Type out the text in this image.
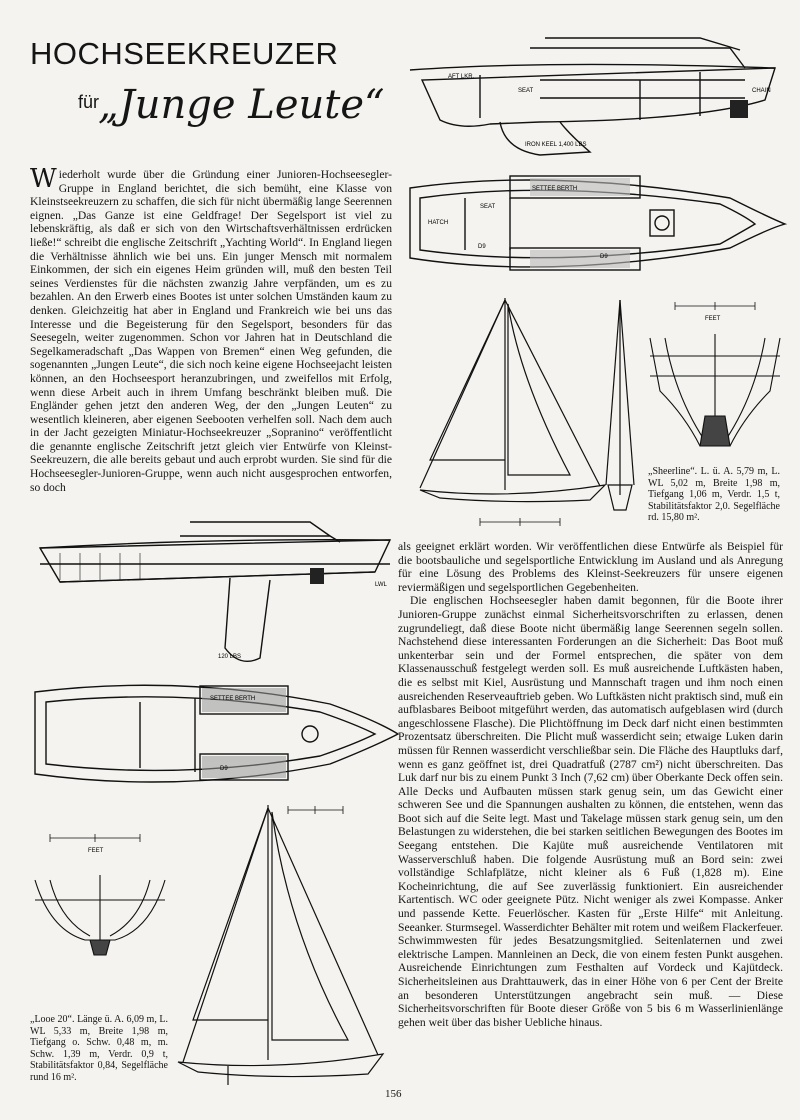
HOCHSEEKREUZER
für
„Junge Leute“
AFT LKR.
SEAT	CHAIN
IRON KEEL 1,400 LBS
SETTEE BERTH
SEAT
HATCH
D9
D9
FEET

„Sheerline“. L. ü. A. 5,79 m, L. WL 5,02 m, Breite 1,98 m, Tiefgang 1,06 m, Verdr. 1,5 t, Stabilitätsfaktor 2,0. Segelfläche rd. 15,80 m².

Wiederholt wurde über die Gründung einer Junioren-Hochseesegler-Gruppe in England berichtet, die sich bemüht, eine Klasse von Kleinstseekreuzern zu schaffen, die sich für nicht übermäßig lange Seerennen eignen. „Das Ganze ist eine Geldfrage! Der Segelsport ist viel zu lebenskräftig, als daß er sich von den Wirtschaftsverhältnissen erdrücken ließe!“ schreibt die englische Zeitschrift „Yachting World“. In England liegen die Verhältnisse ähnlich wie bei uns. Ein junger Mensch mit normalem Einkommen, der sich ein eigenes Heim gründen will, muß den besten Teil seines Verdienstes für die nächsten zwanzig Jahre verpfänden, um es zu bezahlen. An den Erwerb eines Bootes ist unter solchen Umständen kaum zu denken. Gleichzeitig hat aber in England und Frankreich wie bei uns das Interesse und die Begeisterung für den Segelsport, besonders für das Seesegeln, weiter zugenommen. Schon vor Jahren hat in Deutschland die Segelkameradschaft „Das Wappen von Bremen“ einen Weg gefunden, die sogenannten „Jungen Leute“, die sich noch keine eigene Hochseejacht leisten können, an den Hochseesport heranzubringen, und zweifellos mit Erfolg, wenn diese Arbeit auch in ihrem Umfang beschränkt bleiben muß. Die Engländer gehen jetzt den anderen Weg, der den „Jungen Leuten“ zu wesentlich kleineren, aber eigenen Seebooten verhelfen soll. Nach dem auch in der Jacht gezeigten Miniatur-Hochseekreuzer „Sopranino“ veröffentlicht die genannte englische Zeitschrift jetzt gleich vier Entwürfe von Kleinst-Seekreuzern, die alle bereits gebaut und auch erprobt wurden. Sie sind für die Hochseesegler-Junioren-Gruppe, wenn auch nicht ausgesprochen entworfen, so doch
LWL
120 LBS
SETTEE BERTH
D9
FEET

„Looe 20“. Länge ü. A. 6,09 m, L. WL 5,33 m, Breite 1,98 m, Tiefgang o. Schw. 0,48 m, m. Schw. 1,39 m, Verdr. 0,9 t, Stabilitätsfaktor 0,84, Segelfläche rund 16 m².

als geeignet erklärt worden. Wir veröffentlichen diese Entwürfe als Beispiel für die bootsbauliche und segelsportliche Entwicklung im Ausland und als Anregung für eine Lösung des Problems des Kleinst-Seekreuzers für unsere eigenen reviermäßigen und segelsportlichen Gegebenheiten.

Die englischen Hochseesegler haben damit begonnen, für die Boote ihrer Junioren-Gruppe zunächst einmal Sicherheitsvorschriften zu erlassen, denen zugrundeliegt, daß diese Boote nicht übermäßig lange Seerennen segeln sollen. Nachstehend diese interessanten Forderungen an die Sicherheit: Das Boot muß unkenterbar sein und der Formel entsprechen, die später von dem Klassenausschuß festgelegt werden soll. Es muß ausreichende Luftkästen haben, die es selbst mit Kiel, Ausrüstung und Mannschaft tragen und ihm noch einen ausreichenden Reserveauftrieb geben. Wo Luftkästen nicht praktisch sind, muß ein aufblasbares Beiboot mitgeführt werden, das automatisch aufgeblasen wird (durch angeschlossene Flasche). Die Plichtöffnung im Deck darf nicht einen bestimmten Prozentsatz überschreiten. Die Plicht muß wasserdicht sein; etwaige Luken darin müssen für Rennen wasserdicht verschließbar sein. Die Fläche des Hauptluks darf, wenn es ganz geöffnet ist, drei Quadratfuß (2787 cm²) nicht überschreiten. Das Luk darf nur bis zu einem Punkt 3 Inch (7,62 cm) über Oberkante Deck offen sein. Alle Decks und Aufbauten müssen stark genug sein, um das Gewicht einer schweren See und die Spannungen aushalten zu können, die entstehen, wenn das Boot sich auf die Seite legt. Mast und Takelage müssen stark genug sein, um den Belastungen zu widerstehen, die bei starken seitlichen Bewegungen des Bootes im Seegang entstehen. Die Kajüte muß ausreichende Ventilatoren mit Wasserverschluß haben. Die folgende Ausrüstung muß an Bord sein: zwei vollständige Schlafplätze, nicht kleiner als 6 Fuß (1,828 m). Eine Kocheinrichtung, die auf See zuverlässig funktioniert. Ein ausreichender Kartentisch. WC oder geeignete Pütz. Nicht weniger als zwei Kompasse. Anker und passende Kette. Feuerlöscher. Kasten für „Erste Hilfe“ mit Anleitung. Seeanker. Sturmsegel. Wasserdichter Behälter mit rotem und weißem Flackerfeuer. Schwimmwesten für jedes Besatzungsmitglied. Seitenlaternen und zwei elektrische Lampen. Mannleinen an Deck, die von einem festen Punkt ausgehen. Ausreichende Einrichtungen zum Festhalten auf Vordeck und Kajütdeck. Sicherheitsleinen aus Drahttauwerk, das in einer Höhe von 6 per Cent der Breite an besonderen Unterstützungen angebracht sein muß. — Diese Sicherheitsvorschriften für Boote dieser Größe von 5 bis 6 m Wasserlinienlänge gehen weit über das bisher Uebliche hinaus.

156
